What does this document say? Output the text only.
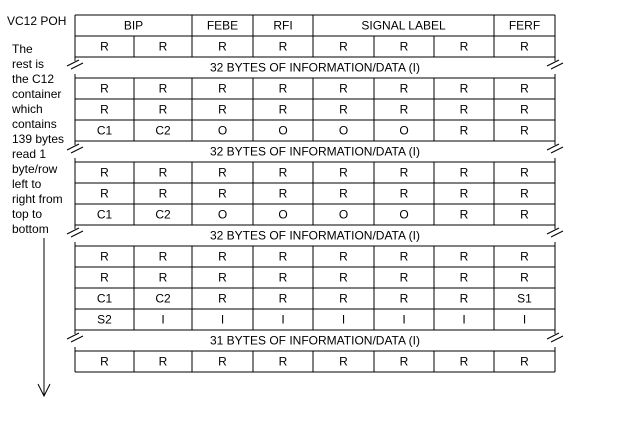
VC12 POH
The
rest is
the C12
container
which
contains
139 bytes
read 1
byte/row
left to
right from
top to
bottom
BIP	FEBE	RFI	SIGNAL LABEL	FERF
R	R	R	R	R	R	R	R
32 BYTES OF INFORMATION/DATA (I)
R	R	R	R	R	R	R	R
R	R	R	R	R	R	R	R
C1	C2	O	O	O	O	R	R
32 BYTES OF INFORMATION/DATA (I)
R	R	R	R	R	R	R	R
R	R	R	R	R	R	R	R
C1	C2	O	O	O	O	R	R
32 BYTES OF INFORMATION/DATA (I)
R	R	R	R	R	R	R	R
R	R	R	R	R	R	R	R
C1	C2	R	R	R	R	R	S1
S2	I	I	I	I	I	I	I
31 BYTES OF INFORMATION/DATA (I)
R	R	R	R	R	R	R	R
